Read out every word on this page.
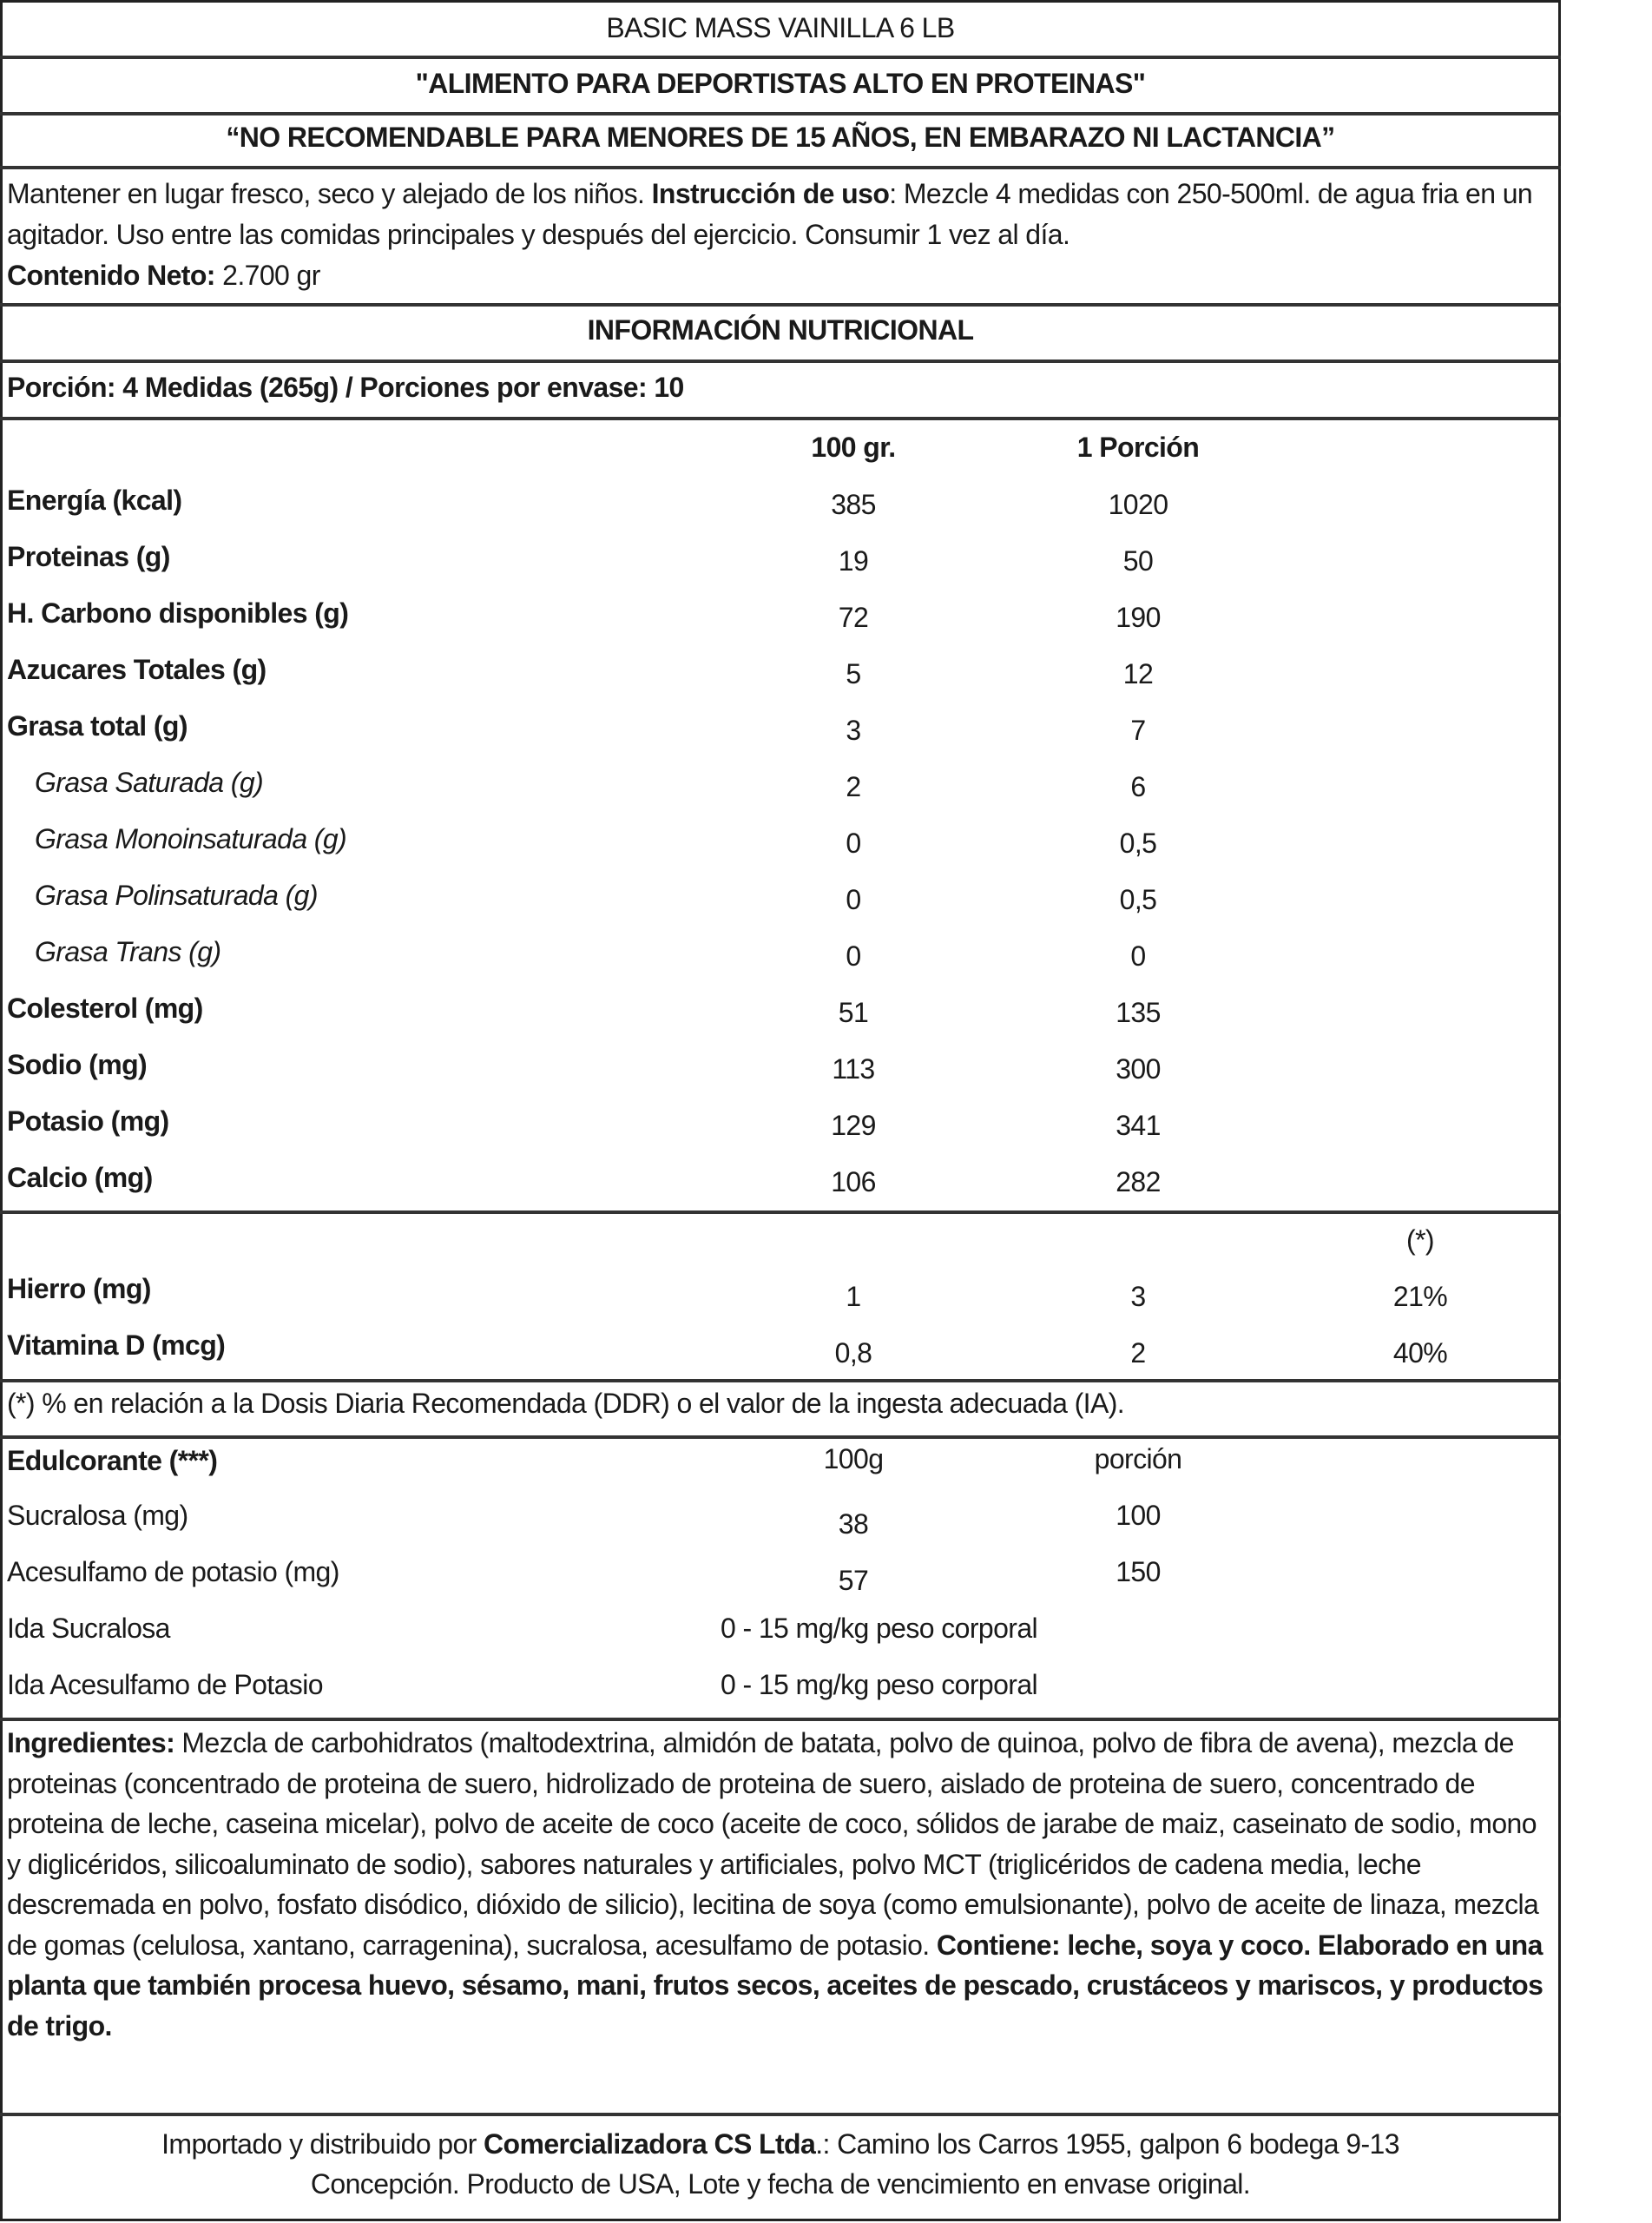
BASIC MASS VAINILLA 6 LB
"ALIMENTO PARA DEPORTISTAS ALTO EN PROTEINAS"
“NO RECOMENDABLE PARA MENORES DE 15 AÑOS, EN EMBARAZO NI LACTANCIA”
Mantener en lugar fresco, seco y alejado de los niños. Instrucción de uso: Mezcle 4 medidas con 250-500ml. de agua fria en un agitador. Uso entre las comidas principales y después del ejercicio. Consumir 1 vez al día.
Contenido Neto: 2.700 gr
INFORMACIÓN NUTRICIONAL
Porción: 4 Medidas (265g) / Porciones por envase: 10
100 gr.	1 Porción
Energía (kcal)	385	1020
Proteinas (g)	19	50
H. Carbono disponibles (g)	72	190
Azucares Totales (g)	5	12
Grasa total (g)	3	7
Grasa Saturada (g)	2	6
Grasa Monoinsaturada (g)	0	0,5
Grasa Polinsaturada (g)	0	0,5
Grasa Trans (g)	0	0
Colesterol (mg)	51	135
Sodio (mg)	113	300
Potasio (mg)	129	341
Calcio (mg)	106	282
(*)
Hierro (mg)	1	3	21%
Vitamina D (mcg)	0,8	2	40%
(*) % en relación a la Dosis Diaria Recomendada (DDR) o el valor de la ingesta adecuada (IA).
Edulcorante (***)	100g	porción
Sucralosa (mg)	38	100
Acesulfamo de potasio (mg)	57	150
Ida Sucralosa	0 - 15 mg/kg peso corporal
Ida Acesulfamo de Potasio	0 - 15 mg/kg peso corporal
Ingredientes: Mezcla de carbohidratos (maltodextrina, almidón de batata, polvo de quinoa, polvo de fibra de avena), mezcla de proteinas (concentrado de proteina de suero, hidrolizado de proteina de suero, aislado de proteina de suero, concentrado de proteina de leche, caseina micelar), polvo de aceite de coco (aceite de coco, sólidos de jarabe de maiz, caseinato de sodio, mono y diglicéridos, silicoaluminato de sodio), sabores naturales y artificiales, polvo MCT (triglicéridos de cadena media, leche descremada en polvo, fosfato disódico, dióxido de silicio), lecitina de soya (como emulsionante), polvo de aceite de linaza, mezcla de gomas (celulosa, xantano, carragenina), sucralosa, acesulfamo de potasio. Contiene: leche, soya y coco. Elaborado en una planta que también procesa huevo, sésamo, mani, frutos secos, aceites de pescado, crustáceos y mariscos, y productos de trigo.
Importado y distribuido por Comercializadora CS Ltda.: Camino los Carros 1955, galpon 6 bodega 9-13
Concepción. Producto de USA, Lote y fecha de vencimiento en envase original.
